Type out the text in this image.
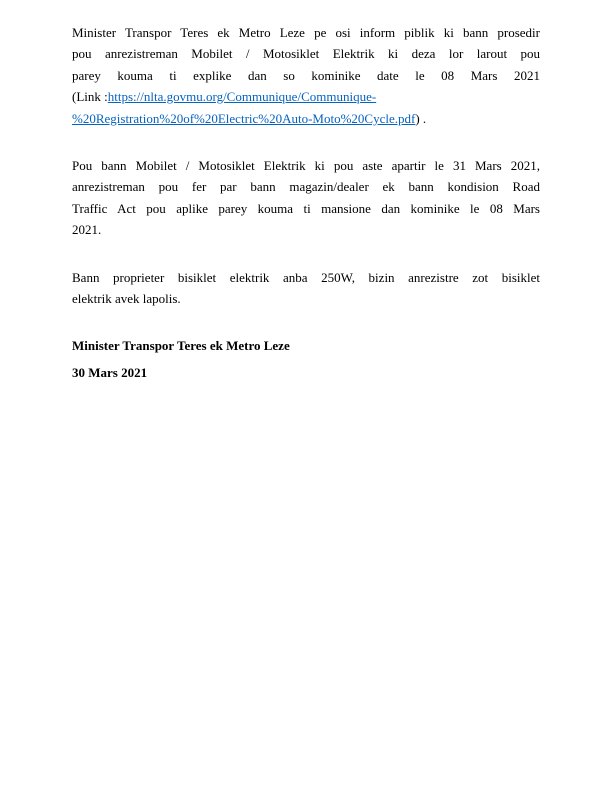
Minister Transpor Teres ek Metro Leze pe osi inform piblik ki bann prosedir
pou anrezistreman Mobilet / Motosiklet Elektrik ki deza lor larout pou
parey kouma ti explike dan so kominike date le 08 Mars 2021
(Link :https://nlta.govmu.org/Communique/Communique-
%20Registration%20of%20Electric%20Auto-Moto%20Cycle.pdf) .
Pou bann Mobilet / Motosiklet Elektrik ki pou aste apartir le 31 Mars 2021,
anrezistreman pou fer par bann magazin/dealer ek bann kondision Road
Traffic Act pou aplike parey kouma ti mansione dan kominike le 08 Mars
2021.
Bann proprieter bisiklet elektrik anba 250W, bizin anrezistre zot bisiklet
elektrik avek lapolis.
Minister Transpor Teres ek Metro Leze
30 Mars 2021
